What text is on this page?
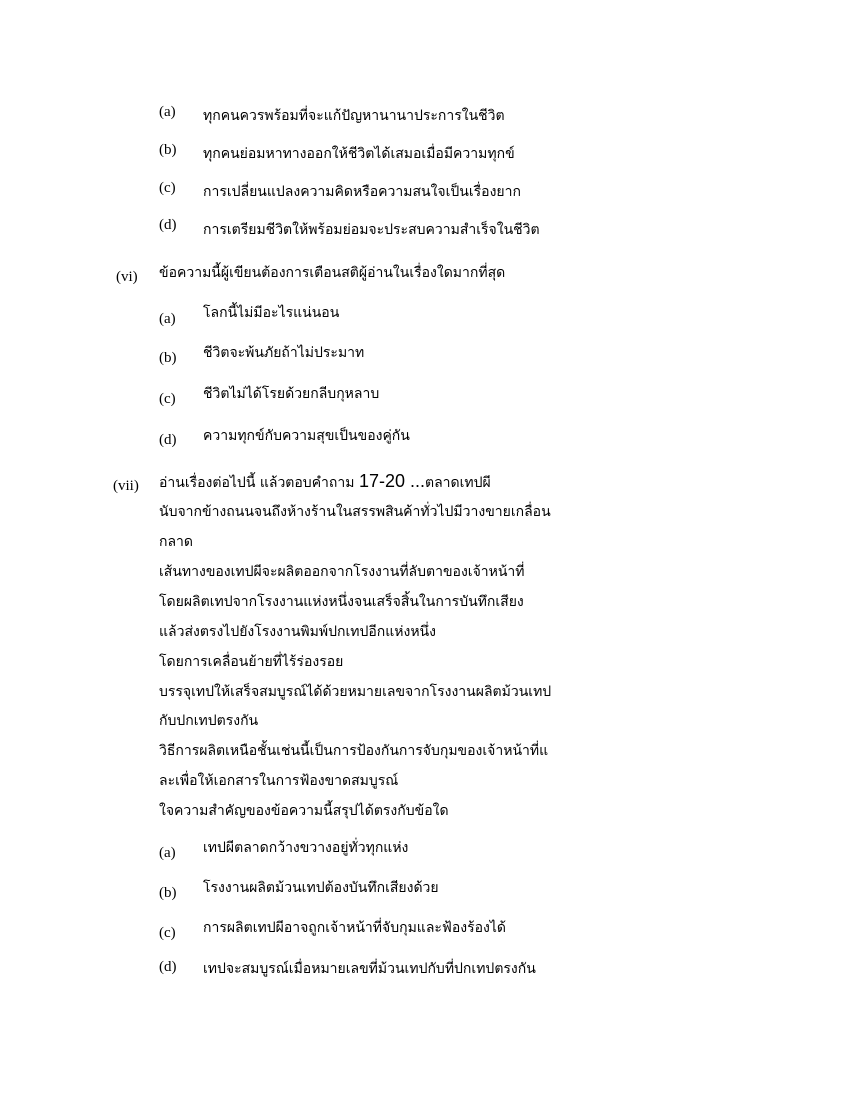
(a) ทุกคนควรพร้อมที่จะแก้ปัญหานานาประการในชีวิต
(b) ทุกคนย่อมหาทางออกให้ชีวิตได้เสมอเมื่อมีความทุกข์
(c) การเปลี่ยนแปลงความคิดหรือความสนใจเป็นเรื่องยาก
(d) การเตรียมชีวิตให้พร้อมย่อมจะประสบความสำเร็จในชีวิต
(vi) ข้อความนี้ผู้เขียนต้องการเตือนสติผู้อ่านในเรื่องใดมากที่สุด
(a) โลกนี้ไม่มีอะไรแน่นอน
(b) ชีวิตจะพ้นภัยถ้าไม่ประมาท
(c) ชีวิตไม่ได้โรยด้วยกลีบกุหลาบ
(d) ความทุกข์กับความสุขเป็นของคู่กัน
(vii) อ่านเรื่องต่อไปนี้ แล้วตอบคำถาม 17-20 ...ตลาดเทปผี
นับจากข้างถนนจนถึงห้างร้านในสรรพสินค้าทั่วไปมีวางขายเกลื่อน
กลาด
เส้นทางของเทปผีจะผลิตออกจากโรงงานที่ลับตาของเจ้าหน้าที่
โดยผลิตเทปจากโรงงานแห่งหนึ่งจนเสร็จสิ้นในการบันทึกเสียง
แล้วส่งตรงไปยังโรงงานพิมพ์ปกเทปอีกแห่งหนึ่ง
โดยการเคลื่อนย้ายที่ไร้ร่องรอย
บรรจุเทปให้เสร็จสมบูรณ์ได้ด้วยหมายเลขจากโรงงานผลิตม้วนเทป
กับปกเทปตรงกัน
วิธีการผลิตเหนือชั้นเช่นนี้เป็นการป้องกันการจับกุมของเจ้าหน้าที่แ
ละเพื่อให้เอกสารในการฟ้องขาดสมบูรณ์
ใจความสำคัญของข้อความนี้สรุปได้ตรงกับข้อใด
(a) เทปผีตลาดกว้างขวางอยู่ทั่วทุกแห่ง
(b) โรงงานผลิตม้วนเทปต้องบันทึกเสียงด้วย
(c) การผลิตเทปผีอาจถูกเจ้าหน้าที่จับกุมและฟ้องร้องได้
(d) เทปจะสมบูรณ์เมื่อหมายเลขที่ม้วนเทปกับที่ปกเทปตรงกัน
